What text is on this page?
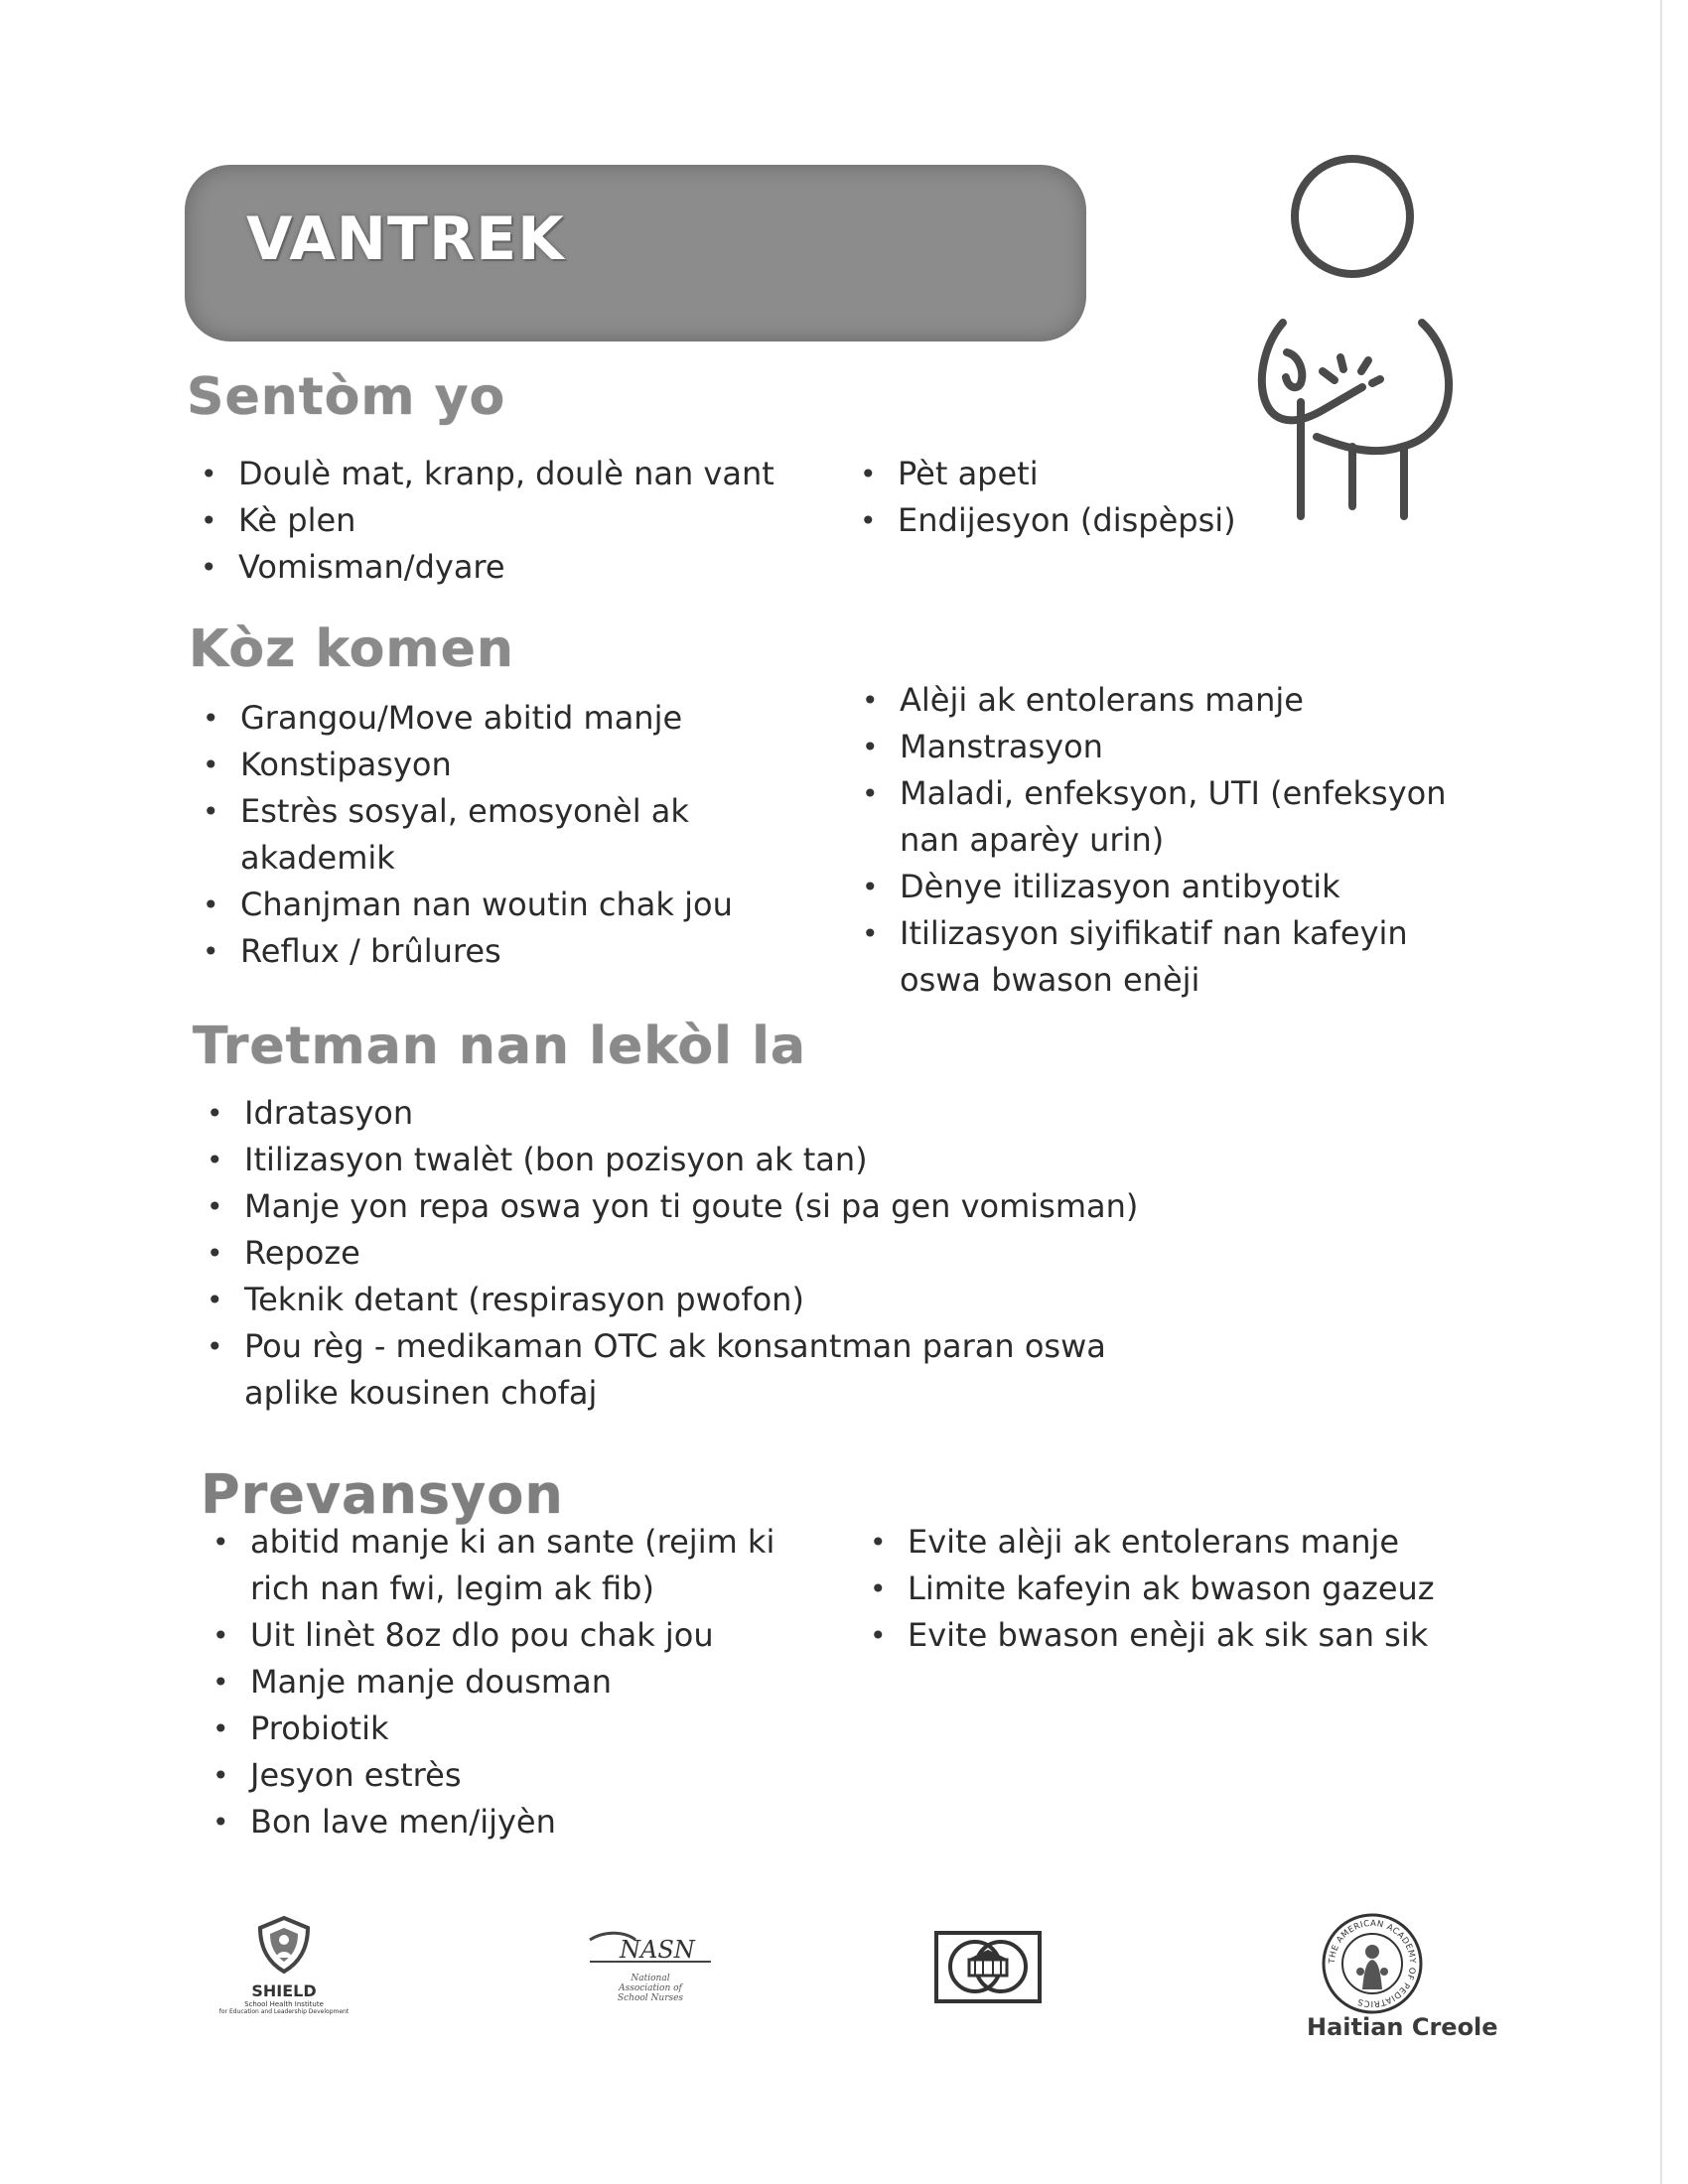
VANTREK
Sentòm yo
• Doulè mat, kranp, doulè nan vant
• Kè plen
• Vomisman/dyare
• Pèt apeti
• Endijesyon (dispèpsi)
Kòz komen
• Grangou/Move abitid manje
• Konstipasyon
• Estrès sosyal, emosyonèl ak akademik
• Chanjman nan woutin chak jou
• Reflux / brûlures
• Alèji ak entolerans manje
• Manstrasyon
• Maladi, enfeksyon, UTI (enfeksyon nan aparèy urin)
• Dènye itilizasyon antibyotik
• Itilizasyon siyifikatif nan kafeyin oswa bwason enèji
Tretman nan lekòl la
• Idratasyon
• Itilizasyon twalèt (bon pozisyon ak tan)
• Manje yon repa oswa yon ti goute (si pa gen vomisman)
• Repoze
• Teknik detant (respirasyon pwofon)
• Pou règ - medikaman OTC ak konsantman paran oswa aplike kousinen chofaj
Prevansyon
• abitid manje ki an sante (rejim ki rich nan fwi, legim ak fib)
• Uit linèt 8oz dlo pou chak jou
• Manje manje dousman
• Probiotik
• Jesyon estrès
• Bon lave men/ijyèn
• Evite alèji ak entolerans manje
• Limite kafeyin ak bwason gazeuz
• Evite bwason enèji ak sik san sik
SHIELD
School Health Institute
for Education and Leadership Development
NASN
National
Association of
School Nurses
THE AMERICAN ACADEMY OF PEDIATRICS

Haitian Creole
